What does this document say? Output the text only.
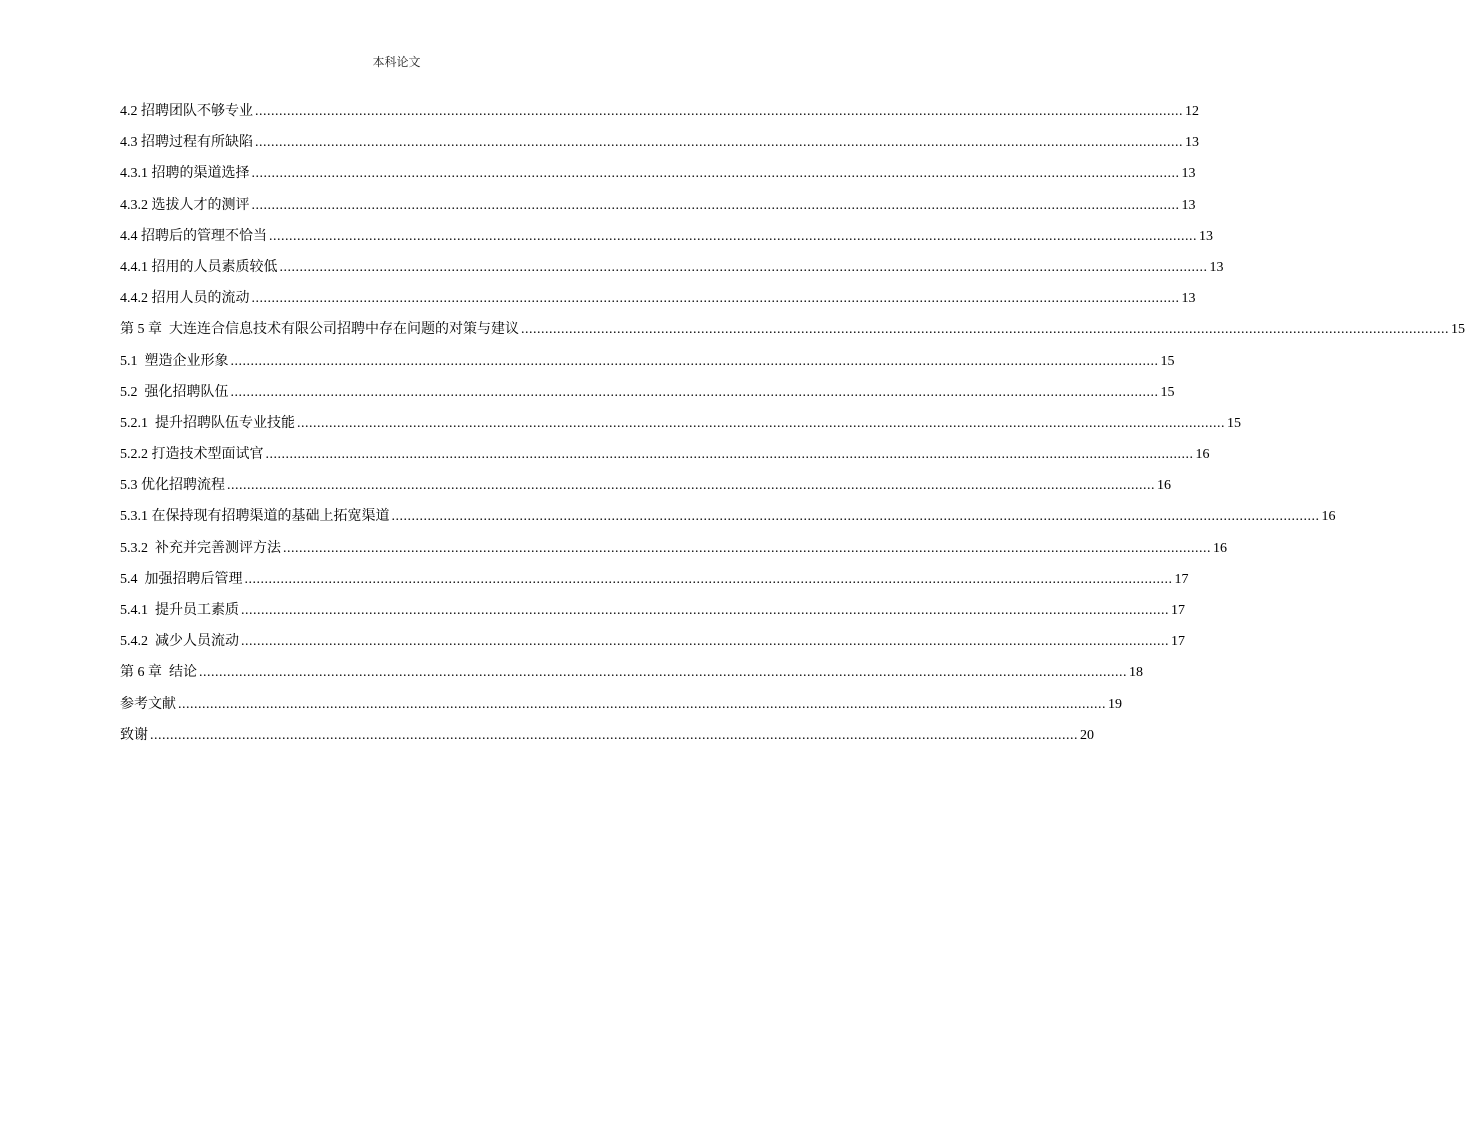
本科论文
4.2 招聘团队不够专业 ........................................................................................................................................................................................................................................ 12
4.3 招聘过程有所缺陷 ........................................................................................................................................................................................................................................ 13
4.3.1 招聘的渠道选择 ........................................................................................................................................................................................................................................ 13
4.3.2 选拔人才的测评 ........................................................................................................................................................................................................................................ 13
4.4 招聘后的管理不恰当 ........................................................................................................................................................................................................................................ 13
4.4.1 招用的人员素质较低 ........................................................................................................................................................................................................................................ 13
4.4.2 招用人员的流动 ........................................................................................................................................................................................................................................ 13
第 5 章  大连连合信息技术有限公司招聘中存在问题的对策与建议 ........................................................................................................................................................................................................................................ 15
5.1  塑造企业形象 ........................................................................................................................................................................................................................................ 15
5.2  强化招聘队伍 ........................................................................................................................................................................................................................................ 15
5.2.1  提升招聘队伍专业技能 ........................................................................................................................................................................................................................................ 15
5.2.2 打造技术型面试官 ........................................................................................................................................................................................................................................ 16
5.3 优化招聘流程 ........................................................................................................................................................................................................................................ 16
5.3.1 在保持现有招聘渠道的基础上拓宽渠道 ........................................................................................................................................................................................................................................ 16
5.3.2  补充并完善测评方法 ........................................................................................................................................................................................................................................ 16
5.4  加强招聘后管理 ........................................................................................................................................................................................................................................ 17
5.4.1  提升员工素质 ........................................................................................................................................................................................................................................ 17
5.4.2  减少人员流动 ........................................................................................................................................................................................................................................ 17
第 6 章  结论 ........................................................................................................................................................................................................................................ 18
参考文献 ........................................................................................................................................................................................................................................ 19
致谢 ........................................................................................................................................................................................................................................ 20
